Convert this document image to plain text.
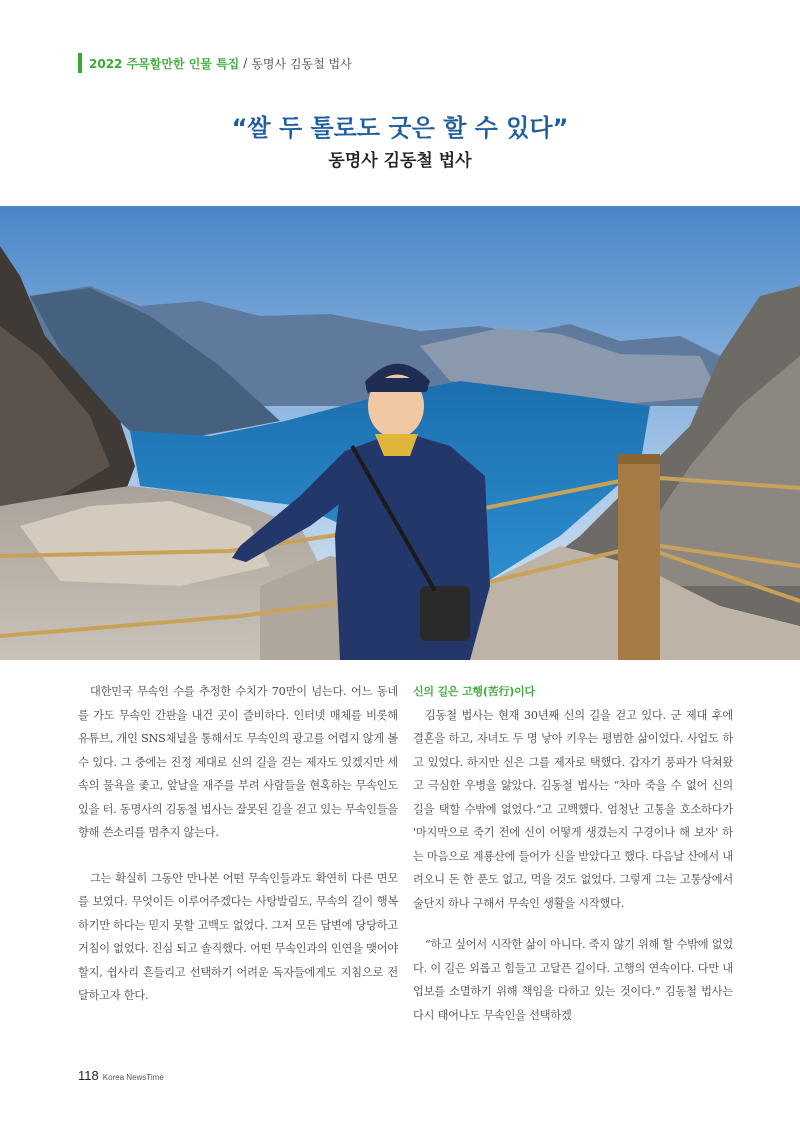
2022 주목할만한 인물 특집 / 동명사 김동철 법사
“쌀 두 톨로도 굿은 할 수 있다”
동명사 김동철 법사

대한민국 무속인 수를 추정한 수치가 70만이 넘는다. 어느 동네를 가도 무속인 간판을 내건 곳이 즐비하다. 인터넷 매체를 비롯해 유튜브, 개인 SNS채널을 통해서도 무속인의 광고를 어렵지 않게 볼 수 있다. 그 중에는 진정 제대로 신의 길을 걷는 제자도 있겠지만 세속의 물욕을 좇고, 앞날을 재주를 부려 사람들을 현혹하는 무속인도 있을 터. 동명사의 김동철 법사는 잘못된 길을 걷고 있는 무속인들을 향해 쓴소리를 멈추지 않는다.

그는 확실히 그동안 만나본 어떤 무속인들과도 확연히 다른 면모를 보였다. 무엇이든 이루어주겠다는 사탕발림도, 무속의 길이 행복하기만 하다는 믿지 못할 고백도 없었다. 그저 모든 답변에 당당하고 거침이 없었다. 진심 되고 솔직했다. 어떤 무속인과의 인연을 맺어야 할지, 쉽사리 흔들리고 선택하기 어려운 독자들에게도 지침으로 전달하고자 한다.

신의 길은 고행(苦行)이다

김동철 법사는 현재 30년째 신의 길을 걷고 있다. 군 제대 후에 결혼을 하고, 자녀도 두 명 낳아 키우는 평범한 삶이었다. 사업도 하고 있었다. 하지만 신은 그를 제자로 택했다. 갑자기 풍파가 닥쳐왔고 극심한 우병을 앓았다. 김동철 법사는 “차마 죽을 수 없어 신의 길을 택할 수밖에 없었다.”고 고백했다. 엄청난 고통을 호소하다가 '마지막으로 죽기 전에 신이 어떻게 생겼는지 구경이나 해 보자' 하는 마음으로 계룡산에 들어가 신을 받았다고 했다. 다음날 산에서 내려오니 돈 한 푼도 없고, 먹을 것도 없었다. 그렇게 그는 고통상에서 술단지 하나 구해서 무속인 생활을 시작했다.

“하고 싶어서 시작한 삶이 아니다. 죽지 않기 위해 할 수밖에 없었다. 이 길은 외롭고 힘들고 고달픈 길이다. 고행의 연속이다. 다만 내 업보를 소멸하기 위해 책임을 다하고 있는 것이다.” 김동철 법사는 다시 태어나도 무속인을 선택하겠

118 Korea NewsTime
